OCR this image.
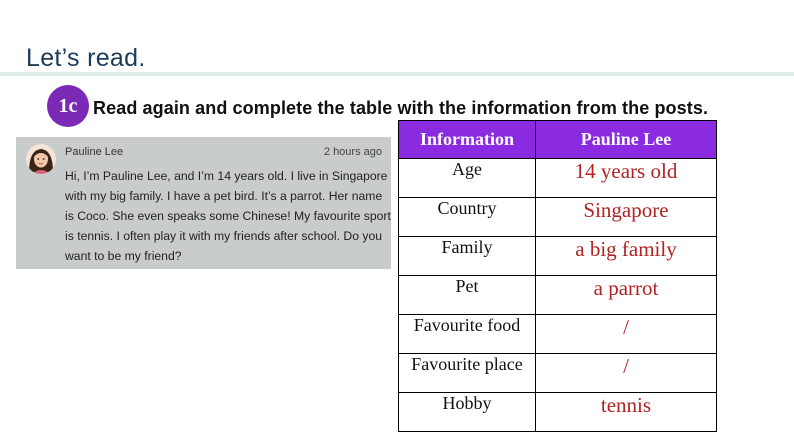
Let’s read.
1c Read again and complete the table with the information from the posts.
Pauline Lee	2 hours ago
Hi, I’m Pauline Lee, and I’m 14 years old. I live in Singapore
with my big family. I have a pet bird. It’s a parrot. Her name
is Coco. She even speaks some Chinese! My favourite sport
is tennis. I often play it with my friends after school. Do you
want to be my friend?
Information	Pauline Lee
Age	14 years old
Country	Singapore
Family	a big family
Pet	a parrot
Favourite food	/
Favourite place	/
Hobby	tennis
